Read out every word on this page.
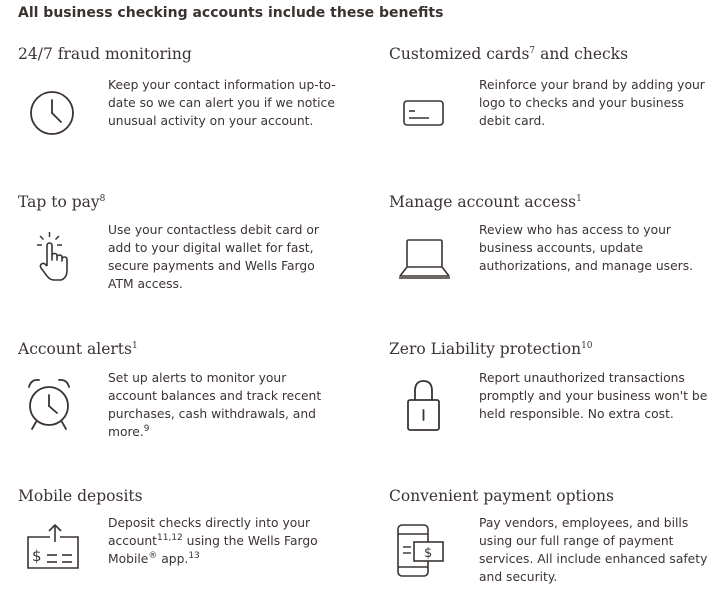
All business checking accounts include these benefits

24/7 fraud monitoring

Keep your contact information up-to-date so we can alert you if we notice unusual activity on your account.

Customized cards$^7$ and checks

Reinforce your brand by adding your logo to checks and your business debit card.

Tap to pay$^8$

Use your contactless debit card or add to your digital wallet for fast, secure payments and Wells Fargo ATM access.

Manage account access$^1$

Review who has access to your business accounts, update authorizations, and manage users.

Account alerts$^1$

Set up alerts to monitor your account balances and track recent purchases, cash withdrawals, and more.$^9$

Zero Liability protection$^{10}$

Report unauthorized transactions promptly and your business won't be held responsible. No extra cost.

Mobile deposits

$

Deposit checks directly into your account$^{11,12}$ using the Wells Fargo Mobile® app.$^{13}$

Convenient payment options

$

Pay vendors, employees, and bills using our full range of payment services. All include enhanced safety and security.
